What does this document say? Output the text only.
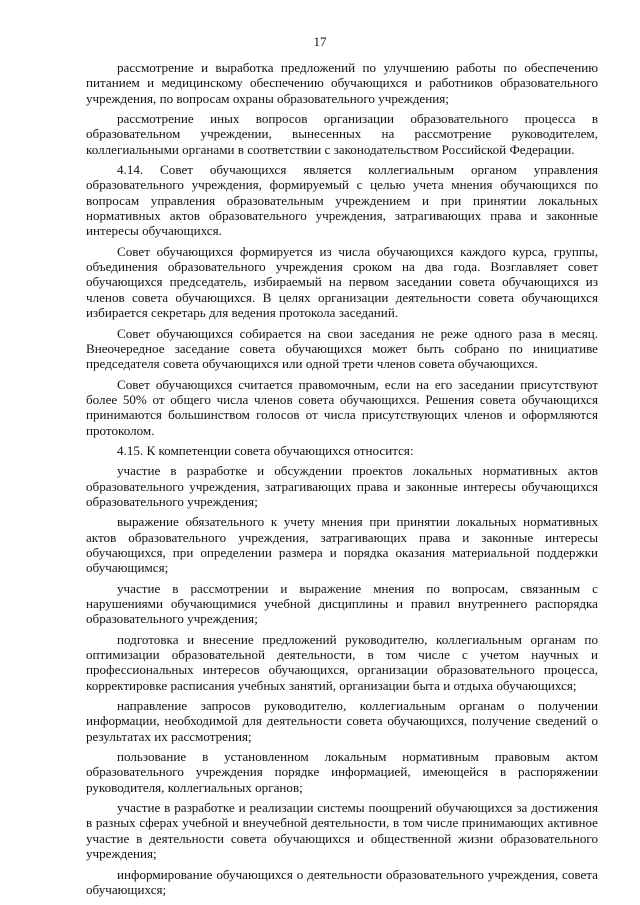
17

рассмотрение и выработка предложений по улучшению работы по обеспечению питанием и медицинскому обеспечению обучающихся и работников образовательного учреждения, по вопросам охраны образовательного учреждения;

рассмотрение иных вопросов организации образовательного процесса в образовательном учреждении, вынесенных на рассмотрение руководителем, коллегиальными органами в соответствии с законодательством Российской Федерации.

4.14. Совет обучающихся является коллегиальным органом управления образовательного учреждения, формируемый с целью учета мнения обучающихся по вопросам управления образовательным учреждением и при принятии локальных нормативных актов образовательного учреждения, затрагивающих права и законные интересы обучающихся.

Совет обучающихся формируется из числа обучающихся каждого курса, группы, объединения образовательного учреждения сроком на два года. Возглавляет совет обучающихся председатель, избираемый на первом заседании совета обучающихся из членов совета обучающихся. В целях организации деятельности совета обучающихся избирается секретарь для ведения протокола заседаний.

Совет обучающихся собирается на свои заседания не реже одного раза в месяц. Внеочередное заседание совета обучающихся может быть собрано по инициативе председателя совета обучающихся или одной трети членов совета обучающихся.

Совет обучающихся считается правомочным, если на его заседании присутствуют более 50% от общего числа членов совета обучающихся. Решения совета обучающихся принимаются большинством голосов от числа присутствующих членов и оформляются протоколом.

4.15. К компетенции совета обучающихся относится:

участие в разработке и обсуждении проектов локальных нормативных актов образовательного учреждения, затрагивающих права и законные интересы обучающихся образовательного учреждения;

выражение обязательного к учету мнения при принятии локальных нормативных актов образовательного учреждения, затрагивающих права и законные интересы обучающихся, при определении размера и порядка оказания материальной поддержки обучающимся;

участие в рассмотрении и выражение мнения по вопросам, связанным с нарушениями обучающимися учебной дисциплины и правил внутреннего распорядка образовательного учреждения;

подготовка и внесение предложений руководителю, коллегиальным органам по оптимизации образовательной деятельности, в том числе с учетом научных и профессиональных интересов обучающихся, организации образовательного процесса, корректировке расписания учебных занятий, организации быта и отдыха обучающихся;

направление запросов руководителю, коллегиальным органам о получении информации, необходимой для деятельности совета обучающихся, получение сведений о результатах их рассмотрения;

пользование в установленном локальным нормативным правовым актом образовательного учреждения порядке информацией, имеющейся в распоряжении руководителя, коллегиальных органов;

участие в разработке и реализации системы поощрений обучающихся за достижения в разных сферах учебной и внеучебной деятельности, в том числе принимающих активное участие в деятельности совета обучающихся и общественной жизни образовательного учреждения;

информирование обучающихся о деятельности образовательного учреждения, совета обучающихся;
